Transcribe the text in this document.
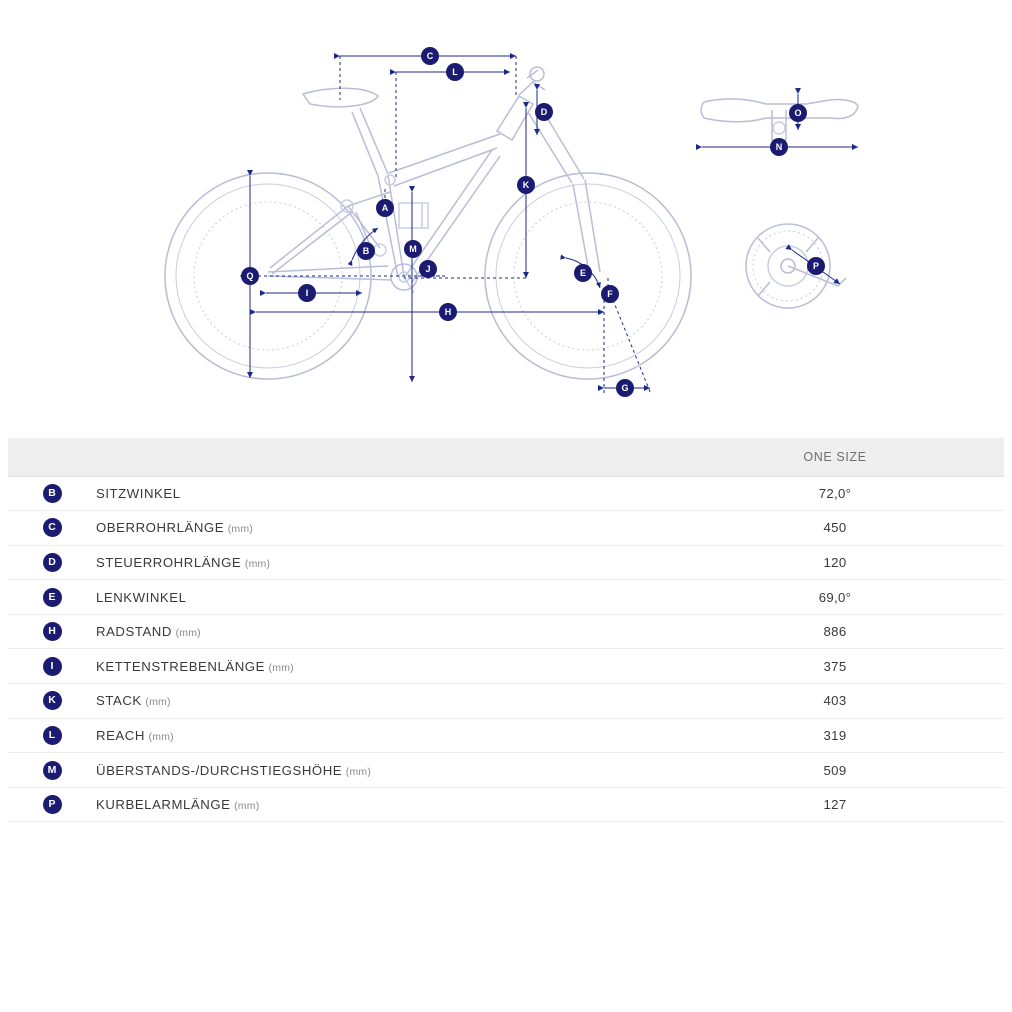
A
B
C
D
E
F
G
H
I
J
K
L
M
N
O
P
Q
		ONE SIZE
B	SITZWINKEL	72,0°
C	OBERROHRLÄNGE (mm)	450
D	STEUERROHRLÄNGE (mm)	120
E	LENKWINKEL	69,0°
H	RADSTAND (mm)	886
I	KETTENSTREBENLÄNGE (mm)	375
K	STACK (mm)	403
L	REACH (mm)	319
M	ÜBERSTANDS-/DURCHSTIEGSHÖHE (mm)	509
P	KURBELARMLÄNGE (mm)	127
